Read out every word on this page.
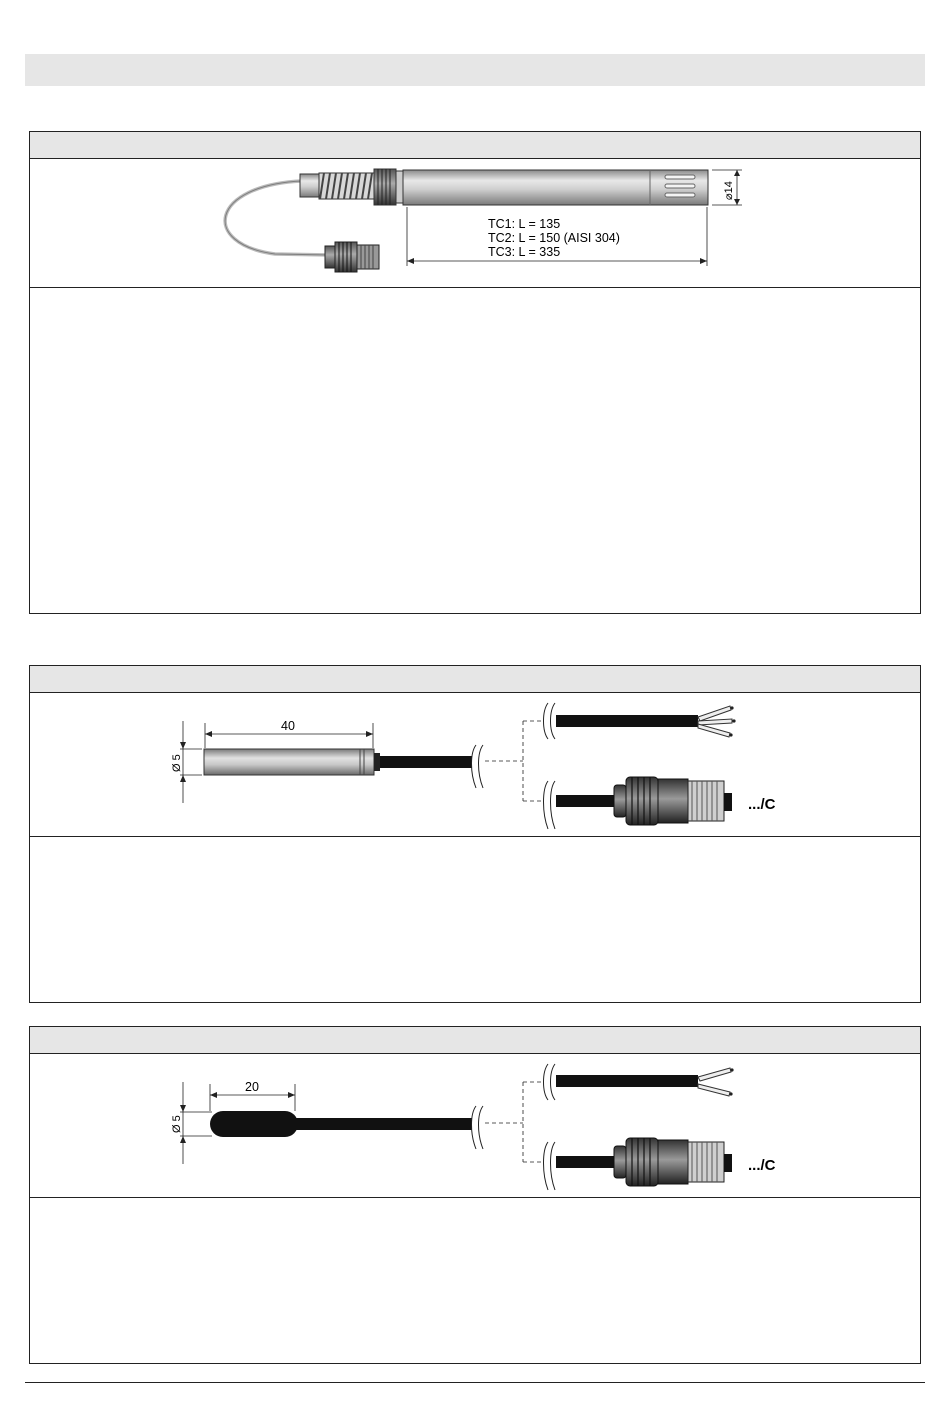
⌀14
TC1: L = 135
TC2: L = 150 (AISI 304)
TC3: L = 335
40
Ø 5
.../C
20
Ø 5
.../C
